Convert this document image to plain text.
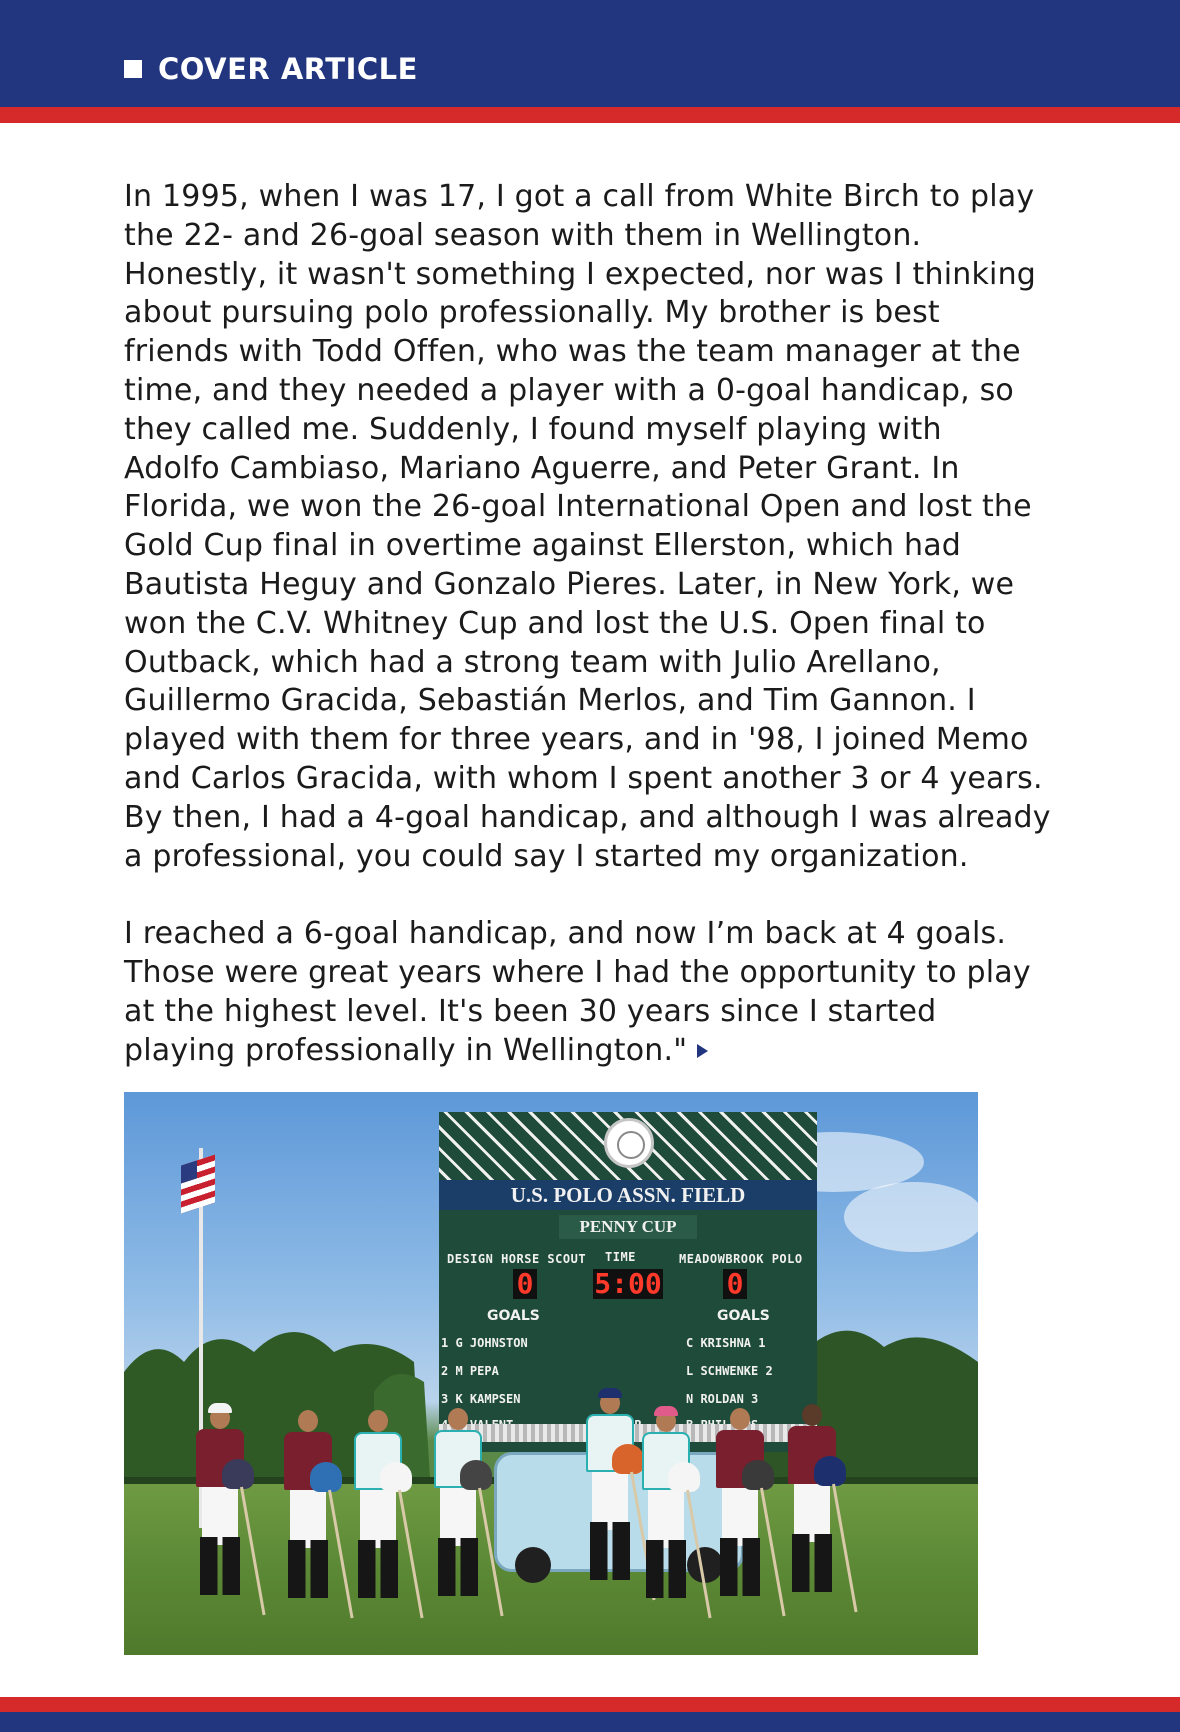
COVER ARTICLE

In 1995, when I was 17, I got a call from White Birch to play
the 22- and 26-goal season with them in Wellington.
Honestly, it wasn't something I expected, nor was I thinking
about pursuing polo professionally. My brother is best
friends with Todd Offen, who was the team manager at the
time, and they needed a player with a 0-goal handicap, so
they called me. Suddenly, I found myself playing with
Adolfo Cambiaso, Mariano Aguerre, and Peter Grant. In
Florida, we won the 26-goal International Open and lost the
Gold Cup final in overtime against Ellerston, which had
Bautista Heguy and Gonzalo Pieres. Later, in New York, we
won the C.V. Whitney Cup and lost the U.S. Open final to
Outback, which had a strong team with Julio Arellano,
Guillermo Gracida, Sebastián Merlos, and Tim Gannon. I
played with them for three years, and in '98, I joined Memo
and Carlos Gracida, with whom I spent another 3 or 4 years.
By then, I had a 4-goal handicap, and although I was already
a professional, you could say I started my organization.

I reached a 6-goal handicap, and now I’m back at 4 goals.
Those were great years where I had the opportunity to play
at the highest level. It's been 30 years since I started
playing professionally in Wellington."

U.S. POLO ASSN. FIELD
PENNY CUP
DESIGN HORSE SCOUT TIME	MEADOWBROOK POLO
0 5:00 0
GOALS	GOALS
1 G JOHNSTON
2 M PEPA
3 K KAMPSEN
C KRISHNA 1
L SCHWENKE 2
N ROLDAN 3
